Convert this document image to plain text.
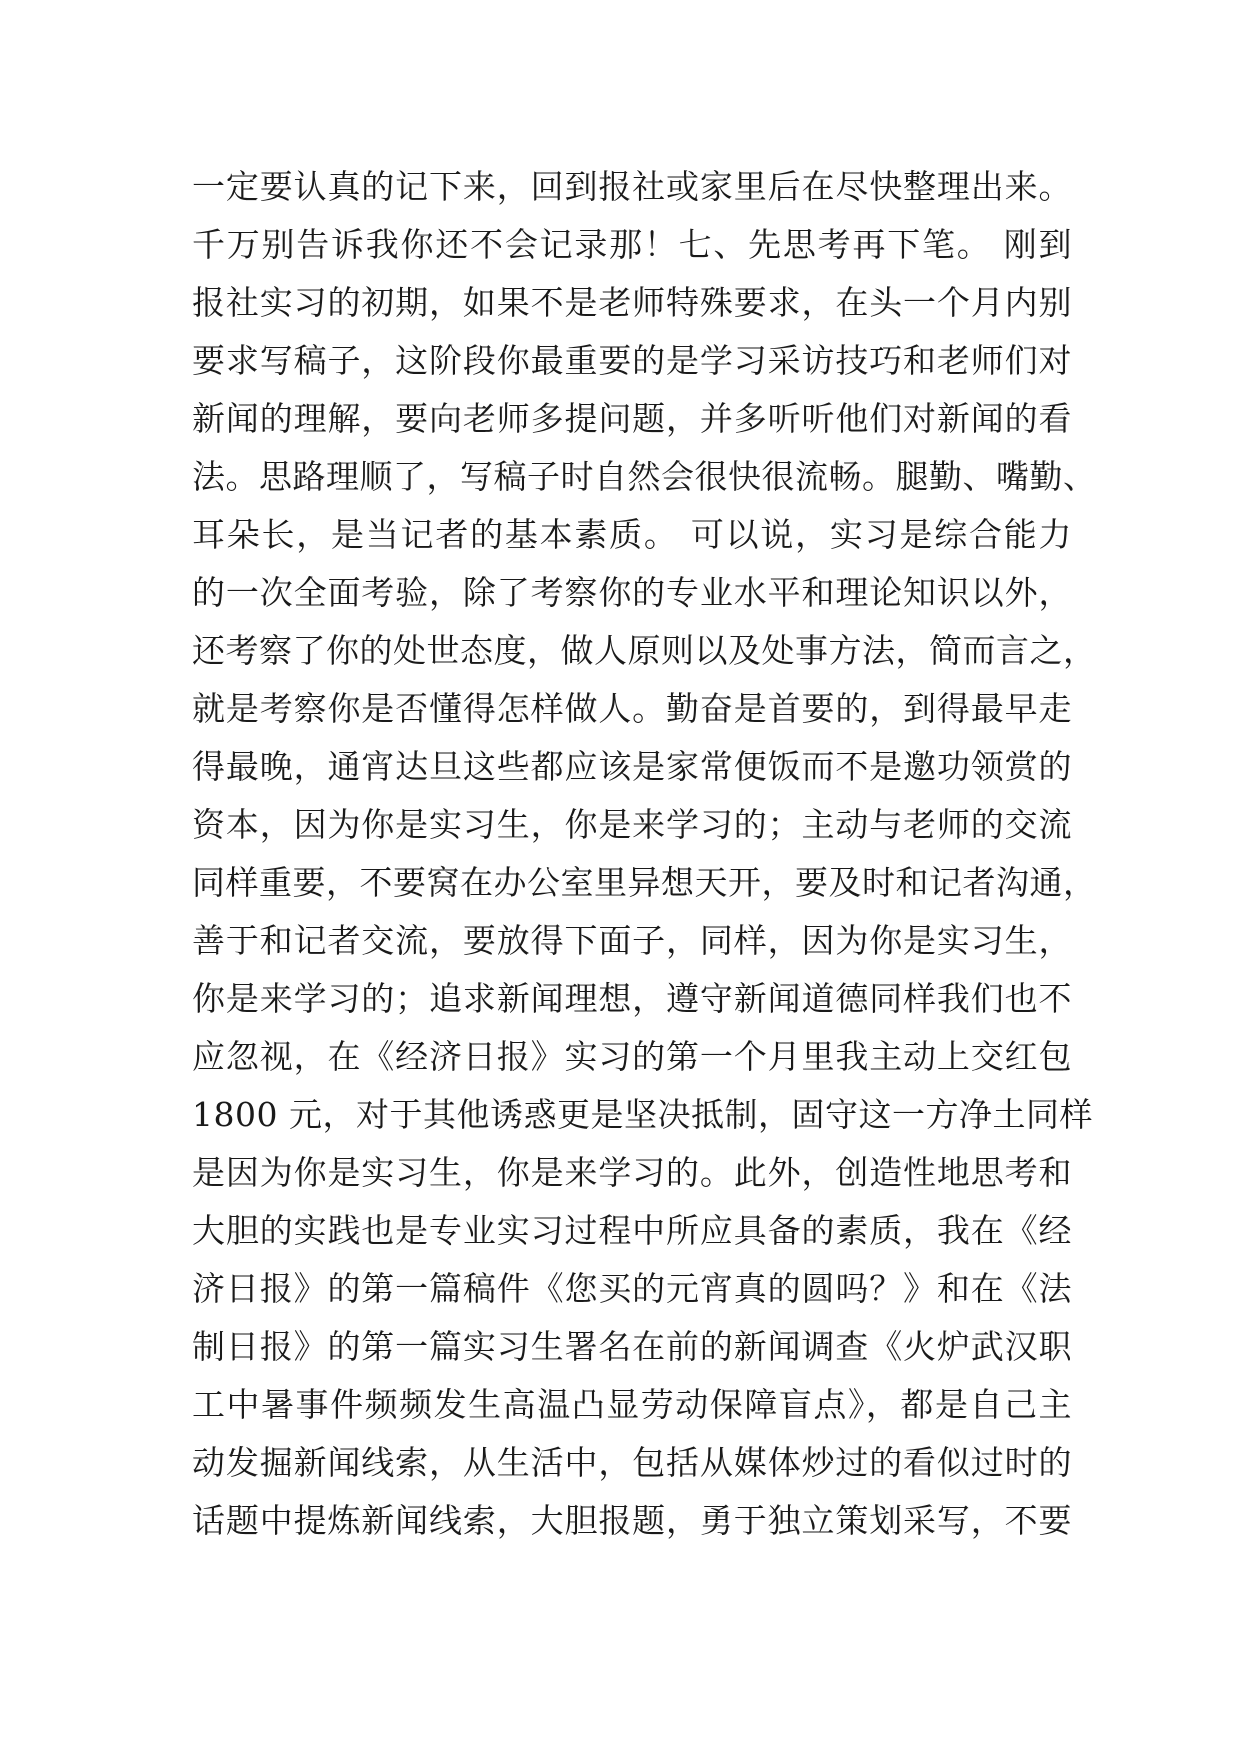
一定要认真的记下来，回到报社或家里后在尽快整理出来。
千万别告诉我你还不会记录那！七、先思考再下笔。 刚到
报社实习的初期，如果不是老师特殊要求，在头一个月内别
要求写稿子，这阶段你最重要的是学习采访技巧和老师们对
新闻的理解，要向老师多提问题，并多听听他们对新闻的看
法。思路理顺了，写稿子时自然会很快很流畅。腿勤、嘴勤、
耳朵长，是当记者的基本素质。 可以说，实习是综合能力
的一次全面考验，除了考察你的专业水平和理论知识以外，
还考察了你的处世态度，做人原则以及处事方法，简而言之，
就是考察你是否懂得怎样做人。勤奋是首要的，到得最早走
得最晚，通宵达旦这些都应该是家常便饭而不是邀功领赏的
资本，因为你是实习生，你是来学习的；主动与老师的交流
同样重要，不要窝在办公室里异想天开，要及时和记者沟通，
善于和记者交流，要放得下面子，同样，因为你是实习生，
你是来学习的；追求新闻理想，遵守新闻道德同样我们也不
应忽视，在《经济日报》实习的第一个月里我主动上交红包
1800 元，对于其他诱惑更是坚决抵制，固守这一方净土同样
是因为你是实习生，你是来学习的。此外，创造性地思考和
大胆的实践也是专业实习过程中所应具备的素质，我在《经
济日报》的第一篇稿件《您买的元宵真的圆吗？》和在《法
制日报》的第一篇实习生署名在前的新闻调查《火炉武汉职
工中暑事件频频发生高温凸显劳动保障盲点》，都是自己主
动发掘新闻线索，从生活中，包括从媒体炒过的看似过时的
话题中提炼新闻线索，大胆报题，勇于独立策划采写，不要
